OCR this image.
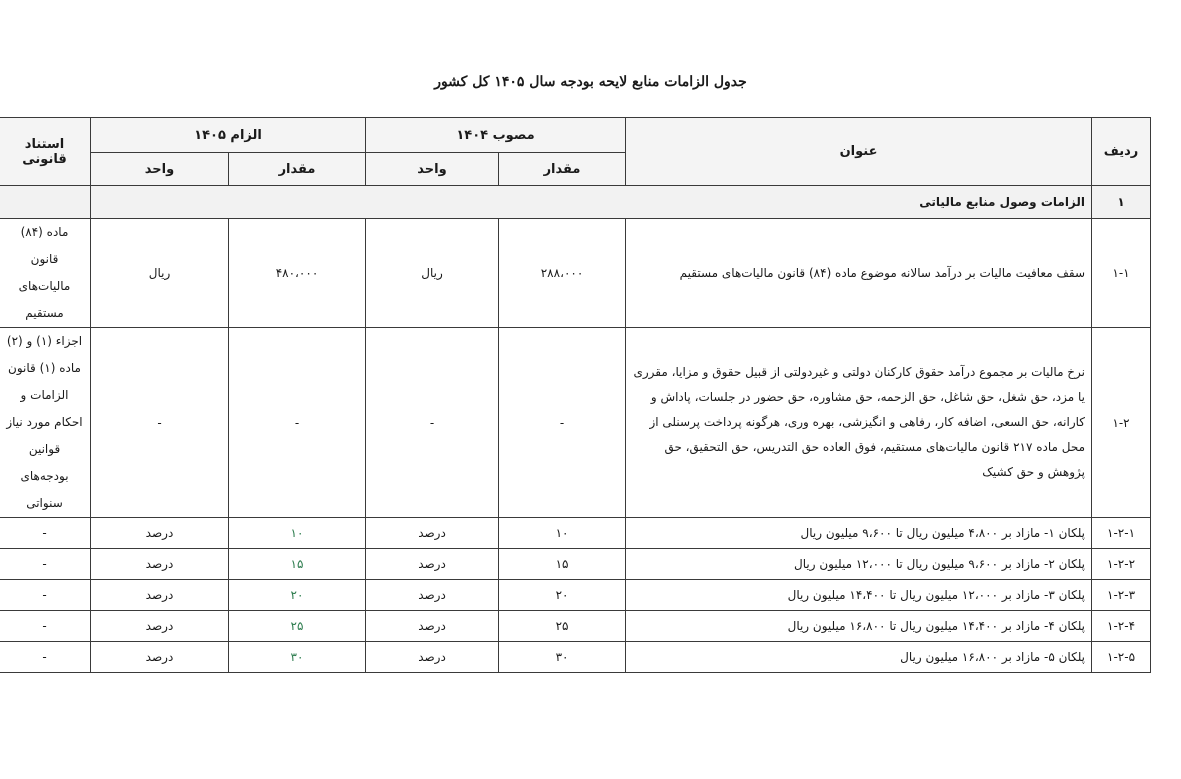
جدول الزامات منابع لایحه بودجه سال ۱۴۰۵ کل کشور
ردیف	عنوان	مصوب ۱۴۰۴		الزام ۱۴۰۵		استناد قانونی
		مقدار	واحد	مقدار	واحد	
۱	الزامات وصول منابع مالیاتی					
۱-۱	سقف معافیت مالیات بر درآمد سالانه موضوع ماده (۸۴) قانون مالیات‌های مستقیم	۲۸۸،۰۰۰	ریال	۴۸۰،۰۰۰	ریال	ماده (۸۴) قانون مالیات‌های مستقیم
۱-۲	نرخ مالیات بر مجموع درآمد حقوق کارکنان دولتی و غیردولتی از قبیل حقوق و مزایا، مقرری یا مزد، حق شغل، حق شاغل، حق الزحمه، حق مشاوره، حق حضور در جلسات، پاداش و کارانه، حق السعی، اضافه کار، رفاهی و انگیزشی، بهره وری، هرگونه پرداخت پرسنلی از محل ماده ۲۱۷ قانون مالیات‌های مستقیم، فوق العاده حق التدریس، حق التحقیق، حق پژوهش و حق کشیک	-	-	-	-	اجزاء (۱) و (۲) ماده (۱) قانون الزامات و احکام مورد نیاز قوانین بودجه‌های سنواتی
۱-۲-۱	پلکان ۱- مازاد بر ۴،۸۰۰ میلیون ریال تا ۹،۶۰۰ میلیون ریال	۱۰	درصد	۱۰	درصد	-
۱-۲-۲	پلکان ۲- مازاد بر ۹،۶۰۰ میلیون ریال تا ۱۲،۰۰۰ میلیون ریال	۱۵	درصد	۱۵	درصد	-
۱-۲-۳	پلکان ۳- مازاد بر ۱۲،۰۰۰ میلیون ریال تا ۱۴،۴۰۰ میلیون ریال	۲۰	درصد	۲۰	درصد	-
۱-۲-۴	پلکان ۴- مازاد بر ۱۴،۴۰۰ میلیون ریال تا ۱۶،۸۰۰ میلیون ریال	۲۵	درصد	۲۵	درصد	-
۱-۲-۵	پلکان ۵- مازاد بر ۱۶،۸۰۰ میلیون ریال	۳۰	درصد	۳۰	درصد	-
